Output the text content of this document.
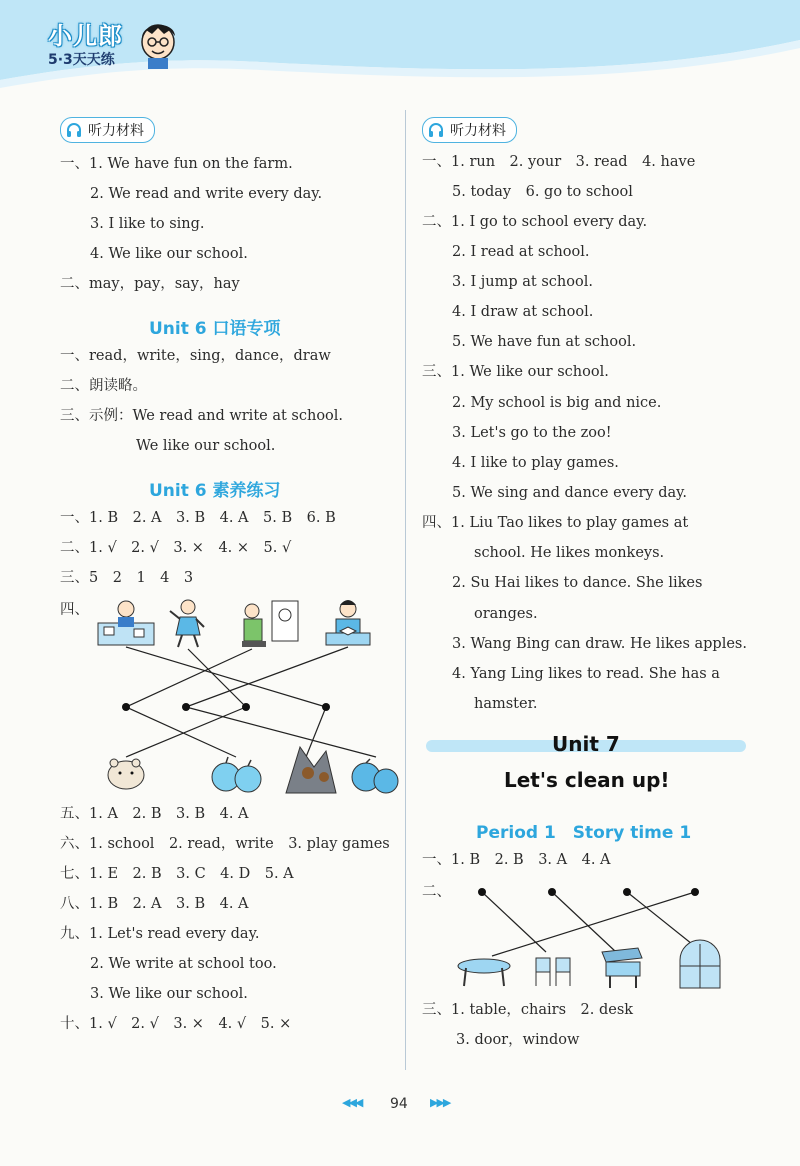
小儿郎
5·3天天练
听力材料
一、1. We have fun on the farm.
2. We read and write every day.
3. I like to sing.
4. We like our school.
二、may，pay，say，hay
Unit 6 口语专项
一、read，write，sing，dance，draw
二、朗读略。
三、示例：We read and write at school.
We like our school.
Unit 6 素养练习
一、1. B　2. A　3. B　4. A　5. B　6. B
二、1. √　2. √　3. ×　4. ×　5. √
三、5　2　1　4　3
四、
五、1. A　2. B　3. B　4. A
六、1. school　2. read，write　3. play games
七、1. E　2. B　3. C　4. D　5. A
八、1. B　2. A　3. B　4. A
九、1. Let's read every day.
2. We write at school too.
3. We like our school.
十、1. √　2. √　3. ×　4. √　5. ×
听力材料
一、1. run　2. your　3. read　4. have
5. today　6. go to school
二、1. I go to school every day.
2. I read at school.
3. I jump at school.
4. I draw at school.
5. We have fun at school.
三、1. We like our school.
2. My school is big and nice.
3. Let's go to the zoo!
4. I like to play games.
5. We sing and dance every day.
四、1. Liu Tao likes to play games at
school. He likes monkeys.
2. Su Hai likes to dance. She likes
oranges.
3. Wang Bing can draw. He likes apples.
4. Yang Ling likes to read. She has a
hamster.
Unit 7
Let's clean up!
Period 1　Story time 1
一、1. B　2. B　3. A　4. A
二、
三、1. table，chairs　2. desk
3. door，window
◀◀◀ 94 ▶▶▶
